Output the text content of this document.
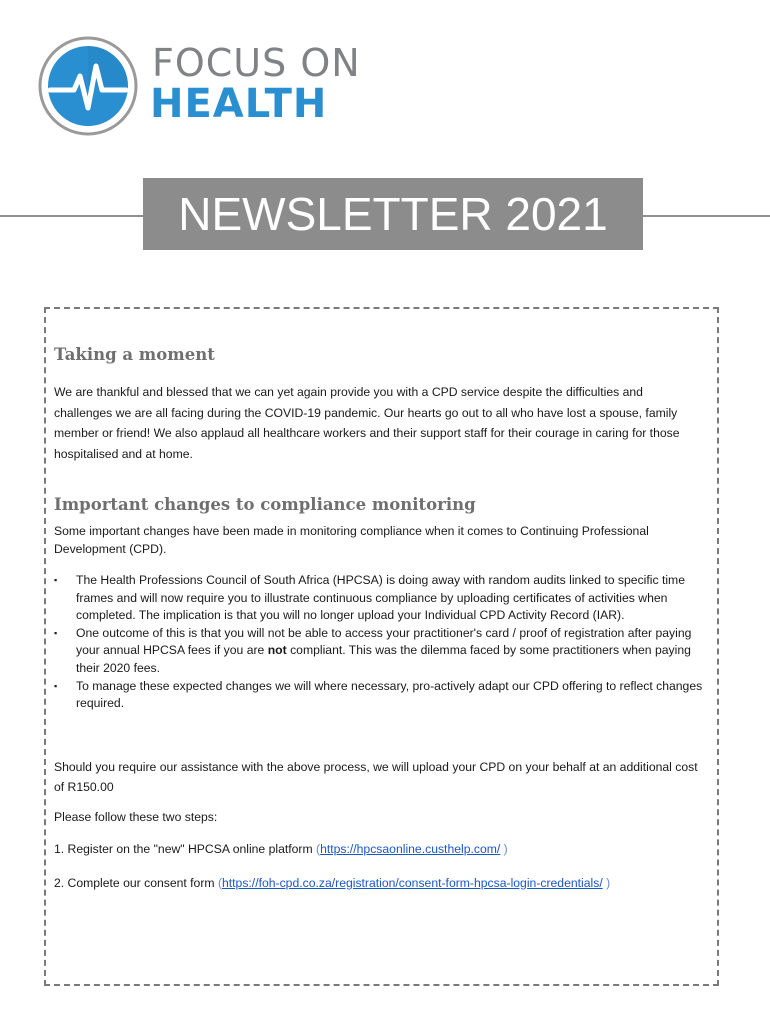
FOCUS ON
HEALTH
NEWSLETTER 2021
Taking a moment

We are thankful and blessed that we can yet again provide you with a CPD service despite the difficulties and challenges we are all facing during the COVID-19 pandemic. Our hearts go out to all who have lost a spouse, family member or friend! We also applaud all healthcare workers and their support staff for their courage in caring for those hospitalised and at home.

Important changes to compliance monitoring

Some important changes have been made in monitoring compliance when it comes to Continuing Professional Development (CPD).

▪ The Health Professions Council of South Africa (HPCSA) is doing away with random audits linked to specific time frames and will now require you to illustrate continuous compliance by uploading certificates of activities when completed. The implication is that you will no longer upload your Individual CPD Activity Record (IAR).
▪ One outcome of this is that you will not be able to access your practitioner's card / proof of registration after paying your annual HPCSA fees if you are not compliant. This was the dilemma faced by some practitioners when paying their 2020 fees.
▪ To manage these expected changes we will where necessary, pro-actively adapt our CPD offering to reflect changes required.

Should you require our assistance with the above process, we will upload your CPD on your behalf at an additional cost of R150.00

Please follow these two steps:

1. Register on the "new" HPCSA online platform (https://hpcsaonline.custhelp.com/ )

2. Complete our consent form (https://foh-cpd.co.za/registration/consent-form-hpcsa-login-credentials/ )
